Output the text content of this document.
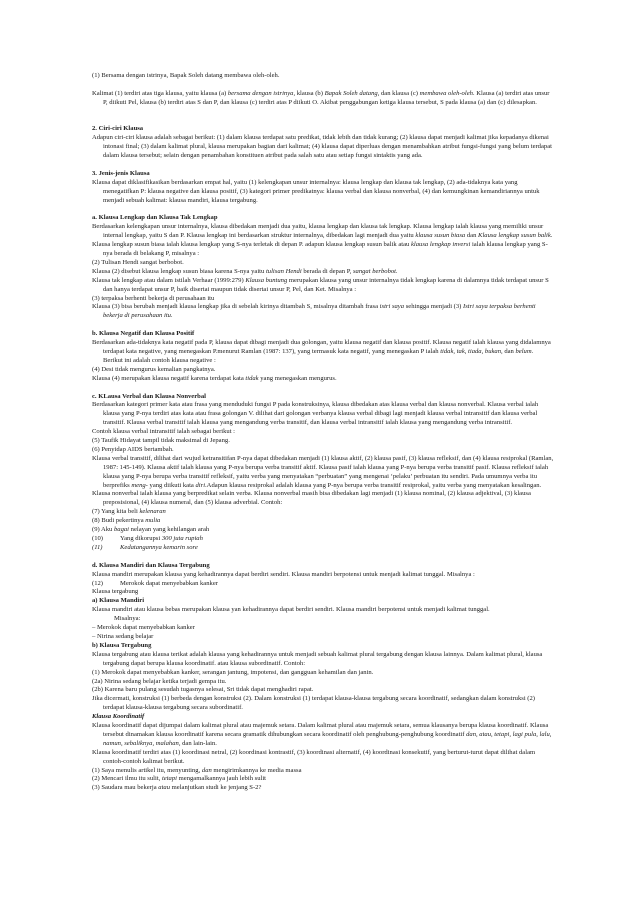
(1) Bersama dengan istrinya, Bapak Soleh datang membawa oleh-oleh.

Kalimat (1) terdiri atas tiga klausa, yaitu klausa (a) bersama dengan istrinya, klausa (b) Bapak Soleh datang, dan klausa (c) membawa oleh-oleh. Klausa (a) terdiri atas unsur P, diikuti Pel, klausa (b) terdiri atas S dan P, dan klausa (c) terdiri atas P diikuti O. Akibat penggabungan ketiga klausa tersebut, S pada klausa (a) dan (c) dilesapkan.

2. Ciri-ciri Klausa

Adapun ciri-ciri klausa adalah sebagai berikut: (1) dalam klausa terdapat satu predikat, tidak lebih dan tidak kurang; (2) klausa dapat menjadi kalimat jika kepadanya dikenai intonasi final; (3) dalam kalimat plural, klausa merupakan bagian dari kalimat; (4) klausa dapat diperluas dengan menambahkan atribut fungsi-fungsi yang belum terdapat dalam klausa tersebut; selain dengan penambahan konstituen atribut pada salah satu atau setiap fungsi sintaktis yang ada.

3. Jenis-jenis Klausa

Klausa dapat diklasifikasikan berdasarkan empat hal, yaitu (1) kelengkapan unsur internalnya: klausa lengkap dan klausa tak lengkap, (2) ada-tidaknya kata yang menegatifkan P: klausa negative dan klausa positif, (3) kategori primer predikatnya: klausa verbal dan klausa nonverbal, (4) dan kemungkinan kemandiriannya untuk menjadi sebuah kalimat: klausa mandiri, klausa tergabung.

a. Klausa Lengkap dan Klausa Tak Lengkap

Berdasarkan kelengkapan unsur internalnya, klausa dibedakan menjadi dua yaitu, klausa lengkap dan klausa tak lengkap. Klausa lengkap ialah klausa yang memiliki unsur internal lengkap, yaitu S dan P. Klausa lengkap ini berdasarkan struktur internalnya, dibedakan lagi menjadi dua yaitu klausa susun biasa dan Klausa lengkap susun balik.

Klausa lengkap susun biasa ialah klausa lengkap yang S-nya terletak di depan P. adapun klausa lengkap susun balik atau klausa lengkap inversi ialah klausa lengkap yang S-nya berada di belakang P, misalnya :

(2) Tulisan Hendi sangat berbobot.

Klausa (2) disebut klausa lengkap susun biasa karena S-nya yaitu tulisan Hendi berada di depan P, sangat berbobot.

Klausa tak lengkap atau dalam istilah Verhaar (1999:279) Klausa buntung merupakan klausa yang unsur internalnya tidak lengkap karena di dalamnya tidak terdapat unsur S dan hanya terdapat unsur P, baik disertai maupun tidak disertai unsur P, Pel, dan Ket. Misalnya :

(3) terpaksa berhenti bekerja di perusahaan itu

Klausa (3) bisa berubah menjadi klausa lengkap jika di sebelah kirinya ditambah S, misalnya ditambah frasa istri saya sehingga menjadi (3) Istri saya terpaksa berhenti bekerja di perusahaan itu.

b. Klausa Negatif dan Klausa Positif

Berdasarkan ada-tidaknya kata negatif pada P, klausa dapat dibagi menjadi dua golongan, yaitu klausa negatif dan klausa positif. Klausa negatif ialah klausa yang didalamnya terdapat kata negative, yang menegaskan P.menurut Ramlan (1987: 137), yang termasuk kata negatif, yang menegaskan P ialah tidak, tak, tiada, bukan, dan belum. Berikut ini adalah contoh klausa negative :

(4) Desi tidak mengurus kemalian pangkatnya.

Klausa (4) merupakan klausa negatif karena terdapat kata tidak yang menegaskan mengurus.

c. KLausa Verbal dan Klausa Nonverbal

Berdasarkan kategori primer kata atau frasa yang menduduki fungsi P pada konstruksinya, klausa dibedakan atas klausa verbal dan klausa nonverbal. Klausa verbal ialah klausa yang P-nya terdiri atas kata atau frasa golongan V. dilihat dari golongan verbanya klausa verbal dibagi lagi menjadi klausa verbal intransitif dan klausa verbal transitif. Klausa verbal transitif ialah klausa yang mengandung verba transitif, dan klausa verbal intransitif ialah klausa yang mengandung verba intransitif.

Contoh klausa verbal intransitif ialah sebagai berikut :

(5) Taufik Hidayat tampil tidak maksimal di Jepang.

(6) Penyidap AIDS bertambah.

Klausa verbal transitif, dilihat dari wujud ketransitifan P-nya dapat dibedakan menjadi (1) klausa aktif, (2) klausa pasif, (3) klausa refleksif, dan (4) klausa resiprokal (Ramlan, 1987: 145-149). Klausa aktif ialah klausa yang P-nya berupa verba transitif aktif. Klausa pasif ialah klausa yang P-nya berupa verba transitif pasif. Klausa refleksif ialah klausa yang P-nya berupa verba transitif refleksif, yaitu verba yang menyatakan “perbuatan” yang mengenai ‘pelaku’ perbuatan itu sendiri. Pada umumnya verba itu berprefiks meng- yang diikuti kata diri.Adapun klausa resiprokal adalah klausa yang P-nya berupa verba transitif resiprokal, yaitu verba yang menyatakan kesalingan.

Klausa nonverbal ialah klausa yang berpredikat selain verba. Klausa nonverbal masih bisa dibedakan lagi menjadi (1) klausa nominal, (2) klausa adjektival, (3) klausa preposisional, (4) klausa numeral, dan (5) klausa adverbial. Contoh:

(7) Yang kita beli kelenaran

(8) Budi pekertinya mulia

(9) Aku bagai nelayan yang kehilangan arah

(10)	Yang dikorupsi 300 juta rupiah
(11)	Kedatangannya kemarin sore

d. Klausa Mandiri dan Klausa Tergabung

Klausa mandiri merupakan klausa yang kehadirannya dapat berdiri sendiri. Klausa mandiri berpotensi untuk menjadi kalimat tunggal. Misalnya :

(12)	Merokok dapat menyebabkan kanker

Klausa tergabung

a) Klausa Mandiri

Klausa mandiri atau klausa bebas merupakan klausa yan kehadirannya dapat berdiri sendiri. Klausa mandiri berpotensi untuk menjadi kalimat tunggal.

Misalnya:

– Merokok dapat menyebabkan kanker

– Nirina sedang belajar

b) Klausa Tergabung

Klausa tergabung atau klausa terikat adalah klausa yang kehadirannya untuk menjadi sebuah kalimat plural tergabung dengan klausa lainnya. Dalam kalimat plural, klausa tergabung dapat berupa klausa koordinatif. atau klausa subordinatif. Contoh:

(1) Merokok dapat menyebabkan kanker, serangan jantung, impotensi, dan gangguan kehamilan dan janin.

(2a) Nirina sedang belajar ketika terjadi gempa itu.

(2b) Karena baru pulang sesudah tugasnya selesai, Sri tidak dapat menghadiri rapat.

Jika dicermati, konstruksi (1) berbeda dengan konstruksi (2). Dalam konstruksi (1) terdapat klausa-klausa tergabung secara koordinatif, sedangkan dalam konstruksi (2) terdapat klausa-klausa tergabung secara subordinatif.

Klausa Koordinatif

Klausa koordinatif dapat dijumpai dalam kalimat plural atau majemuk setara. Dalam kalimat plural atau majemuk setara, semua klausanya berupa klausa koordinatif. Klausa tersebut dinamakan klausa koordinatif karena secara gramatik dihubungkan secara koordinatif oleh penghubung-penghubung koordinatif dan, atau, tetapi, lagi pula, lalu, namun, sebaliknya, malahan, dan lain-lain.

Klausa koordinatif terdiri atas (1) koordinasi netral, (2) koordinasi kontrastif, (3) koordinasi alternatif, (4) koordinasi konsekutif, yang berturut-turut dapat dilihat dalam contoh-contoh kalimat berikut.

(1) Saya menulis artikel itu, menyunting, dan mengirimkannya ke media massa

(2) Mencari ilmu itu sulit, tetapi mengamalkannya jauh lebih sulit

(3) Saudara mau bekerja atau melanjutkan studi ke jenjang S-2?
